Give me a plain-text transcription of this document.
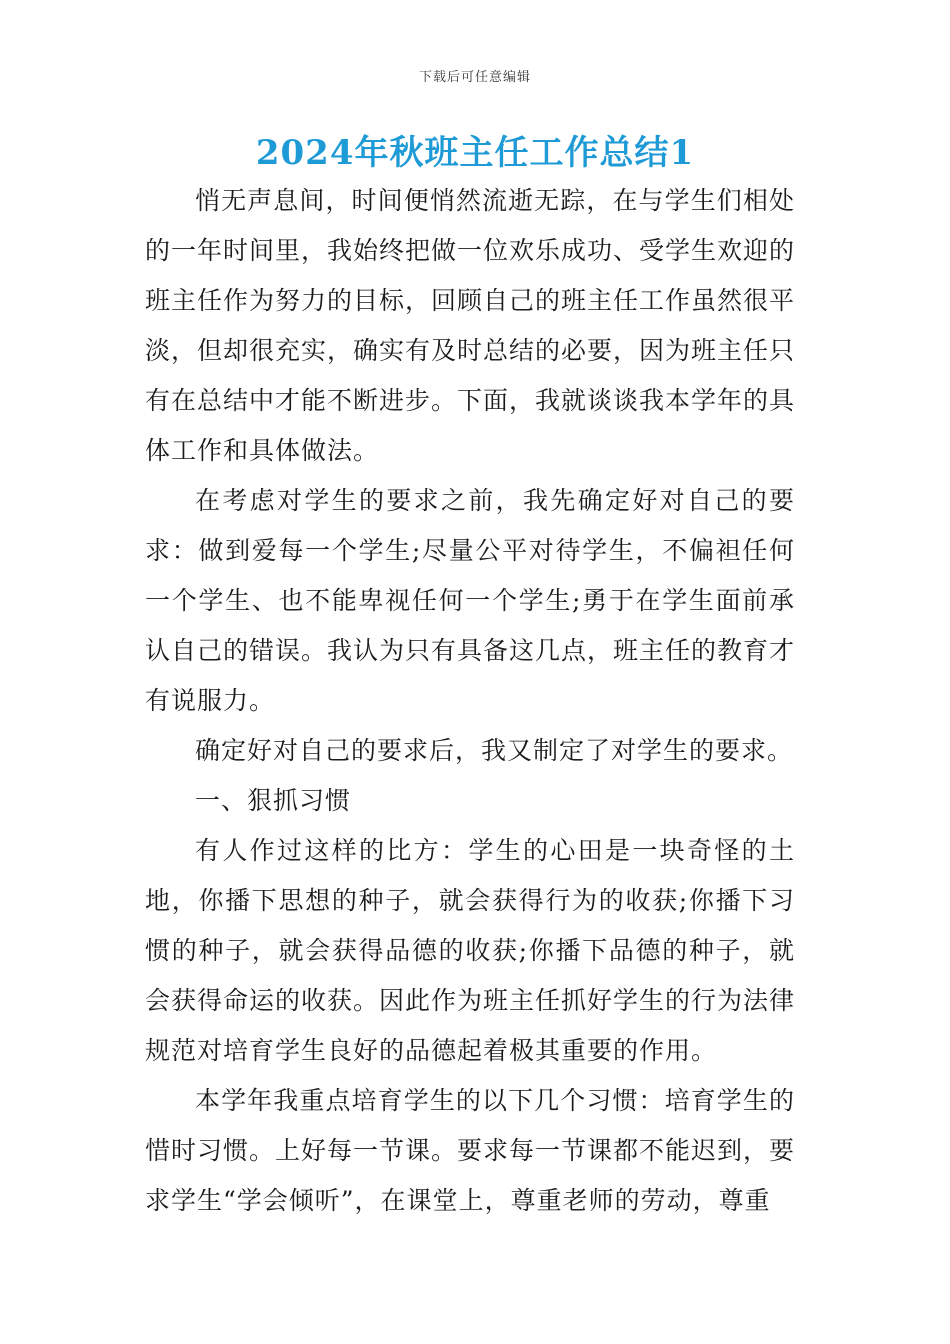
下载后可任意编辑
2024年秋班主任工作总结1

悄无声息间，时间便悄然流逝无踪，在与学生们相处的一年时间里，我始终把做一位欢乐成功、受学生欢迎的班主任作为努力的目标，回顾自己的班主任工作虽然很平淡，但却很充实，确实有及时总结的必要，因为班主任只有在总结中才能不断进步。下面，我就谈谈我本学年的具体工作和具体做法。

在考虑对学生的要求之前，我先确定好对自己的要求：做到爱每一个学生;尽量公平对待学生，不偏袒任何一个学生、也不能卑视任何一个学生;勇于在学生面前承认自己的错误。我认为只有具备这几点，班主任的教育才有说服力。

确定好对自己的要求后，我又制定了对学生的要求。

一、狠抓习惯

有人作过这样的比方：学生的心田是一块奇怪的土地，你播下思想的种子，就会获得行为的收获;你播下习惯的种子，就会获得品德的收获;你播下品德的种子，就会获得命运的收获。因此作为班主任抓好学生的行为法律规范对培育学生良好的品德起着极其重要的作用。

本学年我重点培育学生的以下几个习惯：培育学生的惜时习惯。上好每一节课。要求每一节课都不能迟到，要求学生“学会倾听”，在课堂上，尊重老师的劳动，尊重
